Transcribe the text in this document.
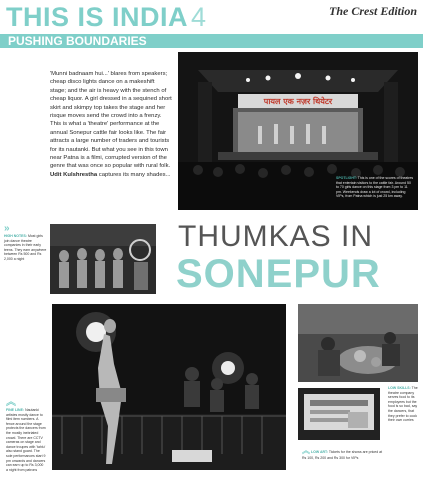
THIS IS INDIA 4
PUSHING BOUNDARIES
The Crest Edition
THE TIMES OF INDIA
'Munni badnaam hui...' blares from speakers; cheap disco lights dance on a makeshift stage; and the air is heavy with the stench of cheap liquor. A girl dressed in a sequined short skirt and skimpy top takes the stage and her risque moves send the crowd into a frenzy. This is what a 'theatre' performance at the annual Sonepur cattle fair looks like. The fair attracts a large number of traders and tourists for its nautanki. But what you see in this town near Patna is a filmi, corrupted version of the genre that was once so popular with rural folk. Udit Kulshrestha captures its many shades...
पायल एक नज़र थियेटर
SPOTLIGHT: This is one of the scores of theatres that entertain visitors to the cattle fair. Around 50 to 70 girls dance on this stage from 3 pm to 11 pm. Weekends draw a lot of crowd, including VIPs, from Patna which is just 25 km away.
»
HIGH NOTES: Most girls join dance theatre companies in their early teens. They earn anywhere between Rs 500 and Rs 2,000 a night
THUMKAS IN
SONEPUR
︽
FINE LINE: Nautanki artistes mostly dance to filmi item numbers. A fence around the stage protects the dancers from the mostly inebriated crowd. There are CCTV cameras on stage and dance troupes with 'tahlu' also stand guard. The sole performances start 9 pm onwards and dancers can earn up to Rs 3,000 a night from patrons
LOW SKILLS: The theatre company serves food to its employees but the food is so bad, say the dancers, that they prefer to cook their own curries
︽ LOW ART: Tickets for the shows are priced at Rs 100, Rs 200 and Rs 300 for VIPs
